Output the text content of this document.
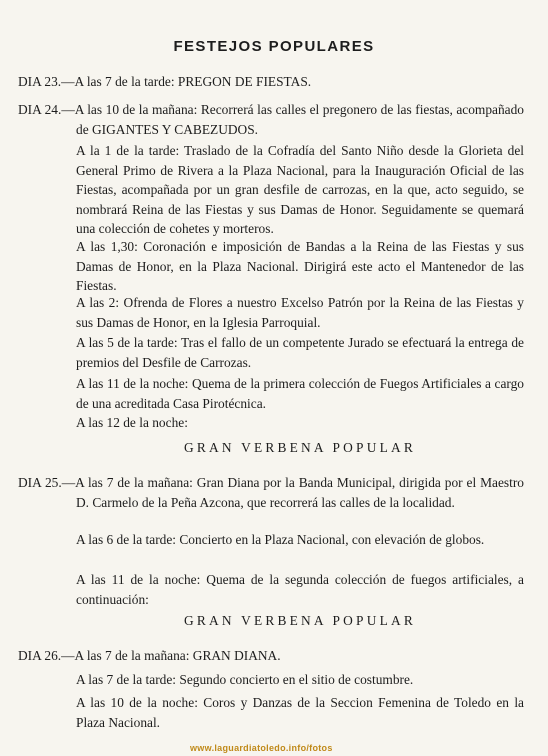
FESTEJOS POPULARES

DIA 23.—A las 7 de la tarde: PREGON DE FIESTAS.

DIA 24.—A las 10 de la mañana: Recorrerá las calles el pregonero de las fiestas, acompañado de GIGANTES Y CABEZUDOS.

A la 1 de la tarde: Traslado de la Cofradía del Santo Niño desde la Glorieta del General Primo de Rivera a la Plaza Nacional, para la Inauguración Oficial de las Fiestas, acompañada por un gran desfile de carrozas, en la que, acto seguido, se nombrará Reina de las Fiestas y sus Damas de Honor. Seguidamente se quemará una colección de cohetes y morteros.

A las 1,30: Coronación e imposición de Bandas a la Reina de las Fiestas y sus Damas de Honor, en la Plaza Nacional. Dirigirá este acto el Mantenedor de las Fiestas.

A las 2: Ofrenda de Flores a nuestro Excelso Patrón por la Reina de las Fiestas y sus Damas de Honor, en la Iglesia Parroquial.

A las 5 de la tarde: Tras el fallo de un competente Jurado se efectuará la entrega de premios del Desfile de Carrozas.

A las 11 de la noche: Quema de la primera colección de Fuegos Artificiales a cargo de una acreditada Casa Pirotécnica.

A las 12 de la noche:

GRAN VERBENA POPULAR

DIA 25.—A las 7 de la mañana: Gran Diana por la Banda Municipal, dirigida por el Maestro D. Carmelo de la Peña Azcona, que recorrerá las calles de la localidad.

A las 6 de la tarde: Concierto en la Plaza Nacional, con elevación de globos.

A las 11 de la noche: Quema de la segunda colección de fuegos artificiales, a continuación:

GRAN VERBENA POPULAR

DIA 26.—A las 7 de la mañana: GRAN DIANA.

A las 7 de la tarde: Segundo concierto en el sitio de costumbre.

A las 10 de la noche: Coros y Danzas de la Seccion Femenina de Toledo en la Plaza Nacional.

www.laguardiatoledo.info/fotos
